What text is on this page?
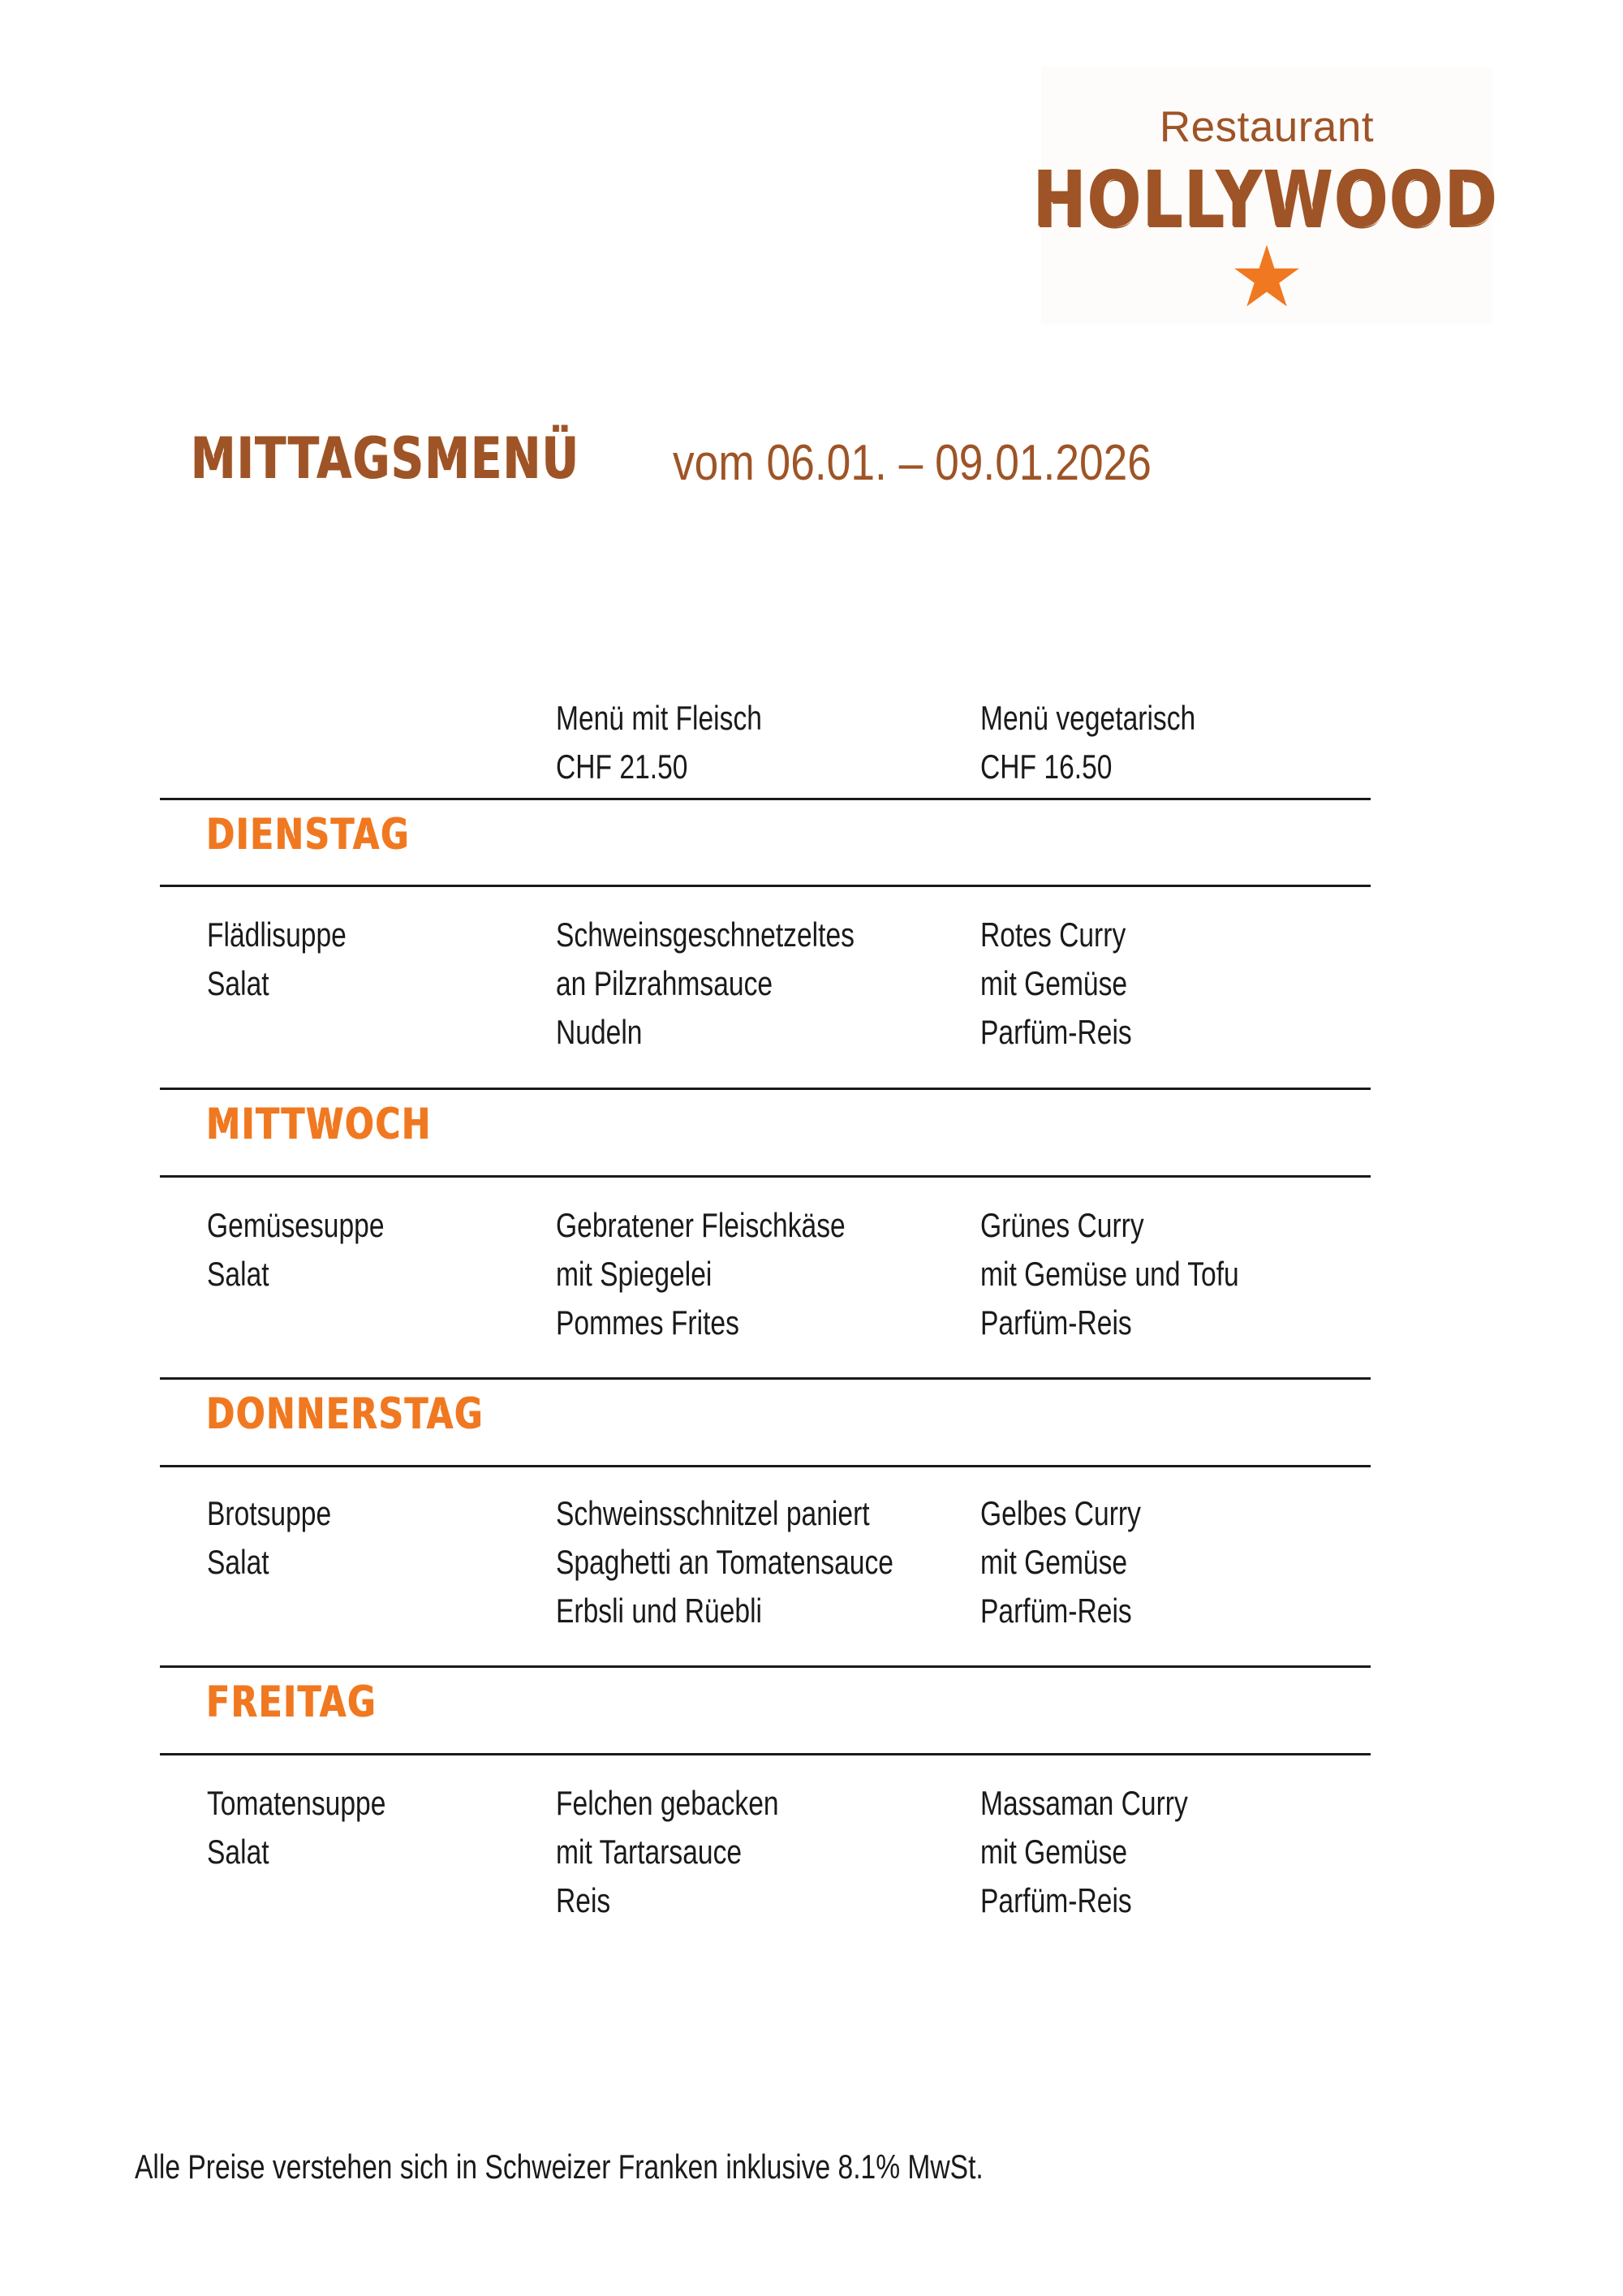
Restaurant
HOLLYWOOD
★
MITTAGSMENÜ vom 06.01. – 09.01.2026
Menü mit Fleisch
CHF 21.50
Menü vegetarisch
CHF 16.50
DIENSTAG
Flädlisuppe
Salat
Schweinsgeschnetzeltes
an Pilzrahmsauce
Nudeln
Rotes Curry
mit Gemüse
Parfüm-Reis
MITTWOCH
Gemüsesuppe
Salat
Gebratener Fleischkäse
mit Spiegelei
Pommes Frites
Grünes Curry
mit Gemüse und Tofu
Parfüm-Reis
DONNERSTAG
Brotsuppe
Salat
Schweinsschnitzel paniert
Spaghetti an Tomatensauce
Erbsli und Rüebli
Gelbes Curry
mit Gemüse
Parfüm-Reis
FREITAG
Tomatensuppe
Salat
Felchen gebacken
mit Tartarsauce
Reis
Massaman Curry
mit Gemüse
Parfüm-Reis
Alle Preise verstehen sich in Schweizer Franken inklusive 8.1% MwSt.
